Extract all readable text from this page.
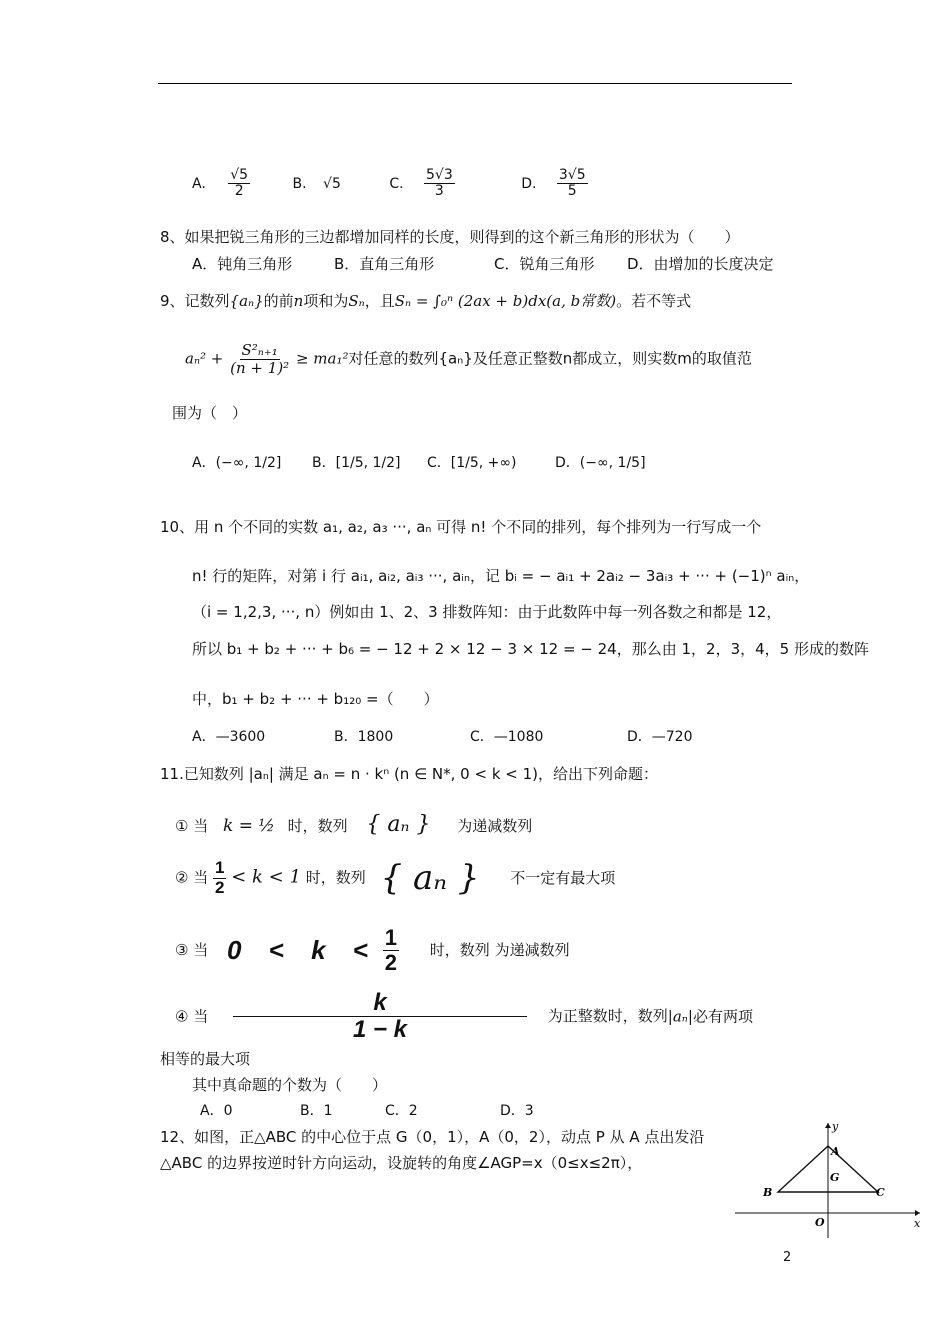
A. $\frac{√5}{2}$	B. √5	C. $\frac{5√3}{3}$	D. $\frac{3√5}{5}$
8、如果把锐三角形的三边都增加同样的长度，则得到的这个新三角形的形状为（　　）
A．钝角三角形	B．直角三角形	C．锐角三角形 D．由增加的长度决定
9、记数列{aₙ}的前n项和为Sₙ，且Sₙ = ∫₀ⁿ (2ax + b)dx(a, b常数)。若不等式
$a_n^2 + \frac{\text{S²ₙ₊₁}}{\text{(n + 1)²}} \ge ma_1^2$对任意的数列{aₙ}及任意正整数n都成立，则实数m的取值范
围为（　）
A．(−∞, 1/2] B．[1/5, 1/2] C．[1/5, +∞)	D．(−∞, 1/5]
10、用 n 个不同的实数 a₁, a₂, a₃ ···, aₙ 可得 n! 个不同的排列，每个排列为一行写成一个
n! 行的矩阵，对第 i 行 aᵢ₁, aᵢ₂, aᵢ₃ ···, aᵢₙ，记 bᵢ = − aᵢ₁ + 2aᵢ₂ − 3aᵢ₃ + ··· + (−1)ⁿ aᵢₙ，
（i = 1,2,3, ···, n）例如由 1、2、3 排数阵知：由于此数阵中每一列各数之和都是 12，
所以 b₁ + b₂ + ··· + b₆ = − 12 + 2 × 12 − 3 × 12 = − 24，那么由 1，2，3，4，5 形成的数阵
中，b₁ + b₂ + ··· + b₁₂₀ =（　　）
A．—3600	B．1800	C．—1080	D．—720
11.已知数列 |aₙ| 满足 aₙ = n · kⁿ (n ∈ N*, 0 < k < 1)，给出下列命题：
① 当 k = ½ 时，数列 { aₙ } 为递减数列
② 当 $\frac{1}{2} < k < 1$ 时，数列 { aₙ } 不一定有最大项
③ 当 $0 < k < \frac{1}{2}$ 时，数列 为递减数列
④ 当 $\frac{k}{1 - k}$ 为正整数时，数列|aₙ|必有两项
相等的最大项
其中真命题的个数为（　　）
A．0	B．1	C．2	D．3
12、如图，正△ABC 的中心位于点 G（0，1），A（0，2），动点 P 从 A 点出发沿
△ABC 的边界按逆时针方向运动，设旋转的角度∠AGP=x（0≤x≤2π），
y
x
A
B	C
G
O
2
